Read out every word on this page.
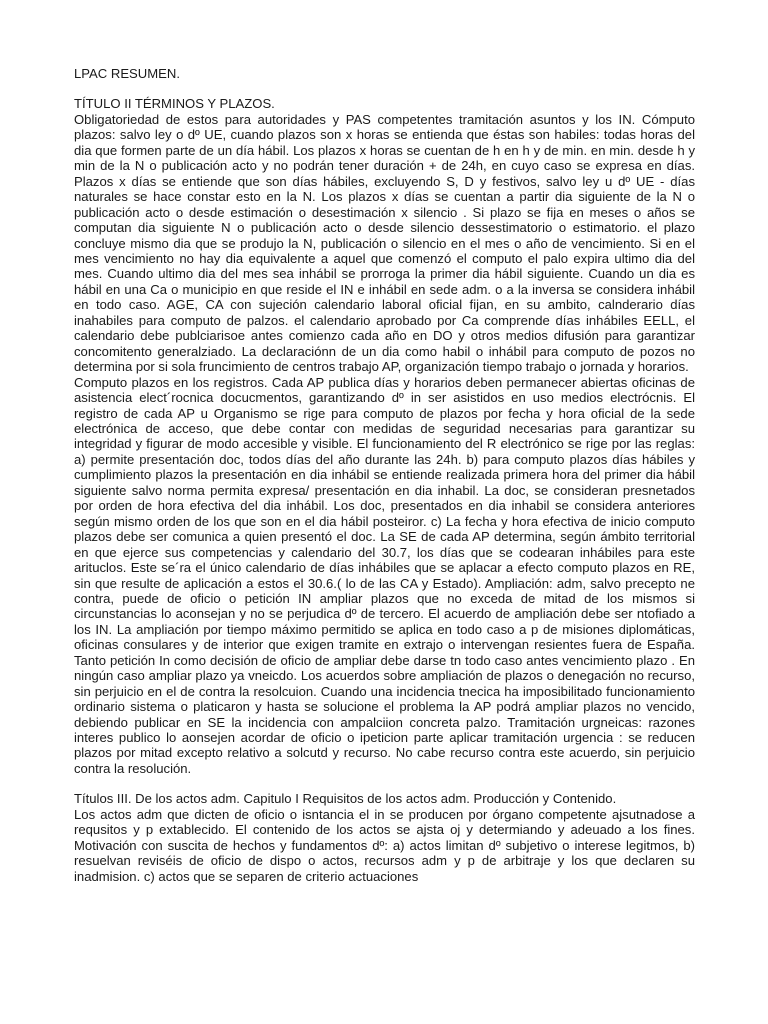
LPAC RESUMEN.

TÍTULO II TÉRMINOS Y PLAZOS.

Obligatoriedad de estos para autoridades y PAS competentes tramitación asuntos y los IN. Cómputo plazos: salvo ley o dº UE, cuando plazos son x horas se entienda que éstas son habiles: todas horas del dia que formen parte de un día hábil. Los plazos x horas se cuentan de h en h y de min. en min. desde h y min de la N o publicación acto y no podrán tener duración + de 24h, en cuyo caso se expresa en días. Plazos x días se entiende que son días hábiles, excluyendo S, D y festivos, salvo ley u dº UE - días naturales se hace constar esto en la N. Los plazos x días se cuentan a partir dia siguiente de la N o publicación acto o desde estimación o desestimación x silencio . Si plazo se fija en meses o años se computan dia siguiente N o publicación acto o desde silencio dessestimatorio o estimatorio. el plazo concluye mismo dia que se produjo la N, publicación o silencio en el mes o año de vencimiento. Si en el mes vencimiento no hay dia equivalente a aquel que comenzó el computo el palo expira ultimo dia del mes. Cuando ultimo dia del mes sea inhábil se prorroga la primer dia hábil siguiente. Cuando un dia es hábil en una Ca o municipio en que reside el IN e inhábil en sede adm. o a la inversa se considera inhábil en todo caso. AGE, CA con sujeción calendario laboral oficial fijan, en su ambito, calnderario días inahabiles para computo de palzos. el calendario aprobado por Ca comprende días inhábiles EELL, el calendario debe publciarisoe antes comienzo cada año en DO y otros medios difusión para garantizar concomitento generalziado. La declaraciónn de un dia como habil o inhábil para computo de pozos no determina por si sola fruncimiento de centros trabajo AP, organización tiempo trabajo o jornada y horarios.

Computo plazos en los registros. Cada AP publica días y horarios deben permanecer abiertas oficinas de asistencia elect´rocnica docucmentos, garantizando dº in ser asistidos en uso medios electrócnis. El registro de cada AP u Organismo se rige para computo de plazos por fecha y hora oficial de la sede electrónica de acceso, que debe contar con medidas de seguridad necesarias para garantizar su integridad y figurar de modo accesible y visible. El funcionamiento del R electrónico se rige por las reglas: a) permite presentación doc, todos días del año durante las 24h. b) para computo plazos días hábiles y cumplimiento plazos la presentación en dia inhábil se entiende realizada primera hora del primer dia hábil siguiente salvo norma permita expresa/ presentación en dia inhabil. La doc, se consideran presnetados por orden de hora efectiva del dia inhábil. Los doc, presentados en dia inhabil se considera anteriores según mismo orden de los que son en el dia hábil posteiror. c) La fecha y hora efectiva de inicio computo plazos debe ser comunica a quien presentó el doc. La SE de cada AP determina, según ámbito territorial en que ejerce sus competencias y calendario del 30.7, los días que se codearan inhábiles para este arituclos. Este se´ra el único calendario de días inhábiles que se aplacar a efecto computo plazos en RE, sin que resulte de aplicación a estos el 30.6.( lo de las CA y Estado). Ampliación: adm, salvo precepto ne contra, puede de oficio o petición IN ampliar plazos que no exceda de mitad de los mismos si circunstancias lo aconsejan y no se perjudica dº de tercero. El acuerdo de ampliación debe ser ntofiado a los IN. La ampliación por tiempo máximo permitido se aplica en todo caso a p de misiones diplomáticas, oficinas consulares y de interior que exigen tramite en extrajo o intervengan resientes fuera de España. Tanto petición In como decisión de oficio de ampliar debe darse tn todo caso antes vencimiento plazo . En ningún caso ampliar plazo ya vneicdo. Los acuerdos sobre ampliación de plazos o denegación no recurso, sin perjuicio en el de contra la resolcuion. Cuando una incidencia tnecica ha imposibilitado funcionamiento ordinario sistema o platicaron y hasta se solucione el problema la AP podrá ampliar plazos no vencido, debiendo publicar en SE la incidencia con ampalciion concreta palzo. Tramitación urgneicas: razones interes publico lo aonsejen acordar de oficio o ipeticion parte aplicar tramitación urgencia : se reducen plazos por mitad excepto relativo a solcutd y recurso. No cabe recurso contra este acuerdo, sin perjuicio contra la resolución.

Títulos III. De los actos adm. Capitulo I Requisitos de los actos adm. Producción y Contenido.

Los actos adm que dicten de oficio o isntancia el in se producen por órgano competente ajsutnadose a requsitos y p extablecido. El contenido de los actos se ajsta oj y determiando y adeuado a los fines. Motivación con suscita de hechos y fundamentos dº: a) actos limitan dº subjetivo o interese legitmos, b) resuelvan reviséis de oficio de dispo o actos, recursos adm y p de arbitraje y los que declaren su inadmision. c) actos que se separen de criterio actuaciones
